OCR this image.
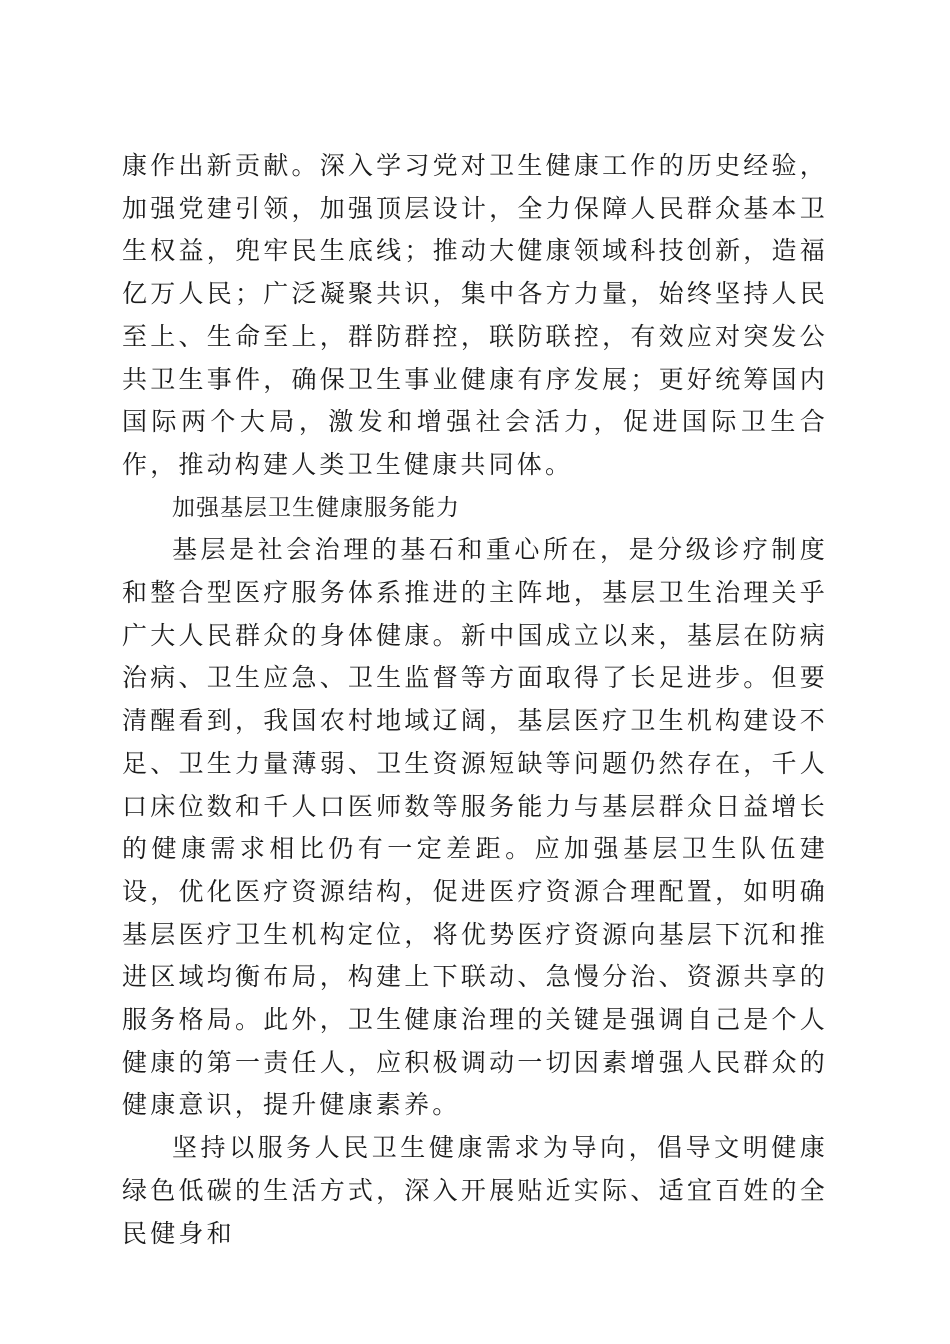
康作出新贡献。深入学习党对卫生健康工作的历史经验，加强党建引领，加强顶层设计，全力保障人民群众基本卫生权益，兜牢民生底线；推动大健康领域科技创新，造福亿万人民；广泛凝聚共识，集中各方力量，始终坚持人民至上、生命至上，群防群控，联防联控，有效应对突发公共卫生事件，确保卫生事业健康有序发展；更好统筹国内国际两个大局，激发和增强社会活力，促进国际卫生合作，推动构建人类卫生健康共同体。

加强基层卫生健康服务能力

基层是社会治理的基石和重心所在，是分级诊疗制度和整合型医疗服务体系推进的主阵地，基层卫生治理关乎广大人民群众的身体健康。新中国成立以来，基层在防病治病、卫生应急、卫生监督等方面取得了长足进步。但要清醒看到，我国农村地域辽阔，基层医疗卫生机构建设不足、卫生力量薄弱、卫生资源短缺等问题仍然存在，千人口床位数和千人口医师数等服务能力与基层群众日益增长的健康需求相比仍有一定差距。应加强基层卫生队伍建设，优化医疗资源结构，促进医疗资源合理配置，如明确基层医疗卫生机构定位，将优势医疗资源向基层下沉和推进区域均衡布局，构建上下联动、急慢分治、资源共享的服务格局。此外，卫生健康治理的关键是强调自己是个人健康的第一责任人，应积极调动一切因素增强人民群众的健康意识，提升健康素养。

坚持以服务人民卫生健康需求为导向，倡导文明健康绿色低碳的生活方式，深入开展贴近实际、适宜百姓的全民健身和
